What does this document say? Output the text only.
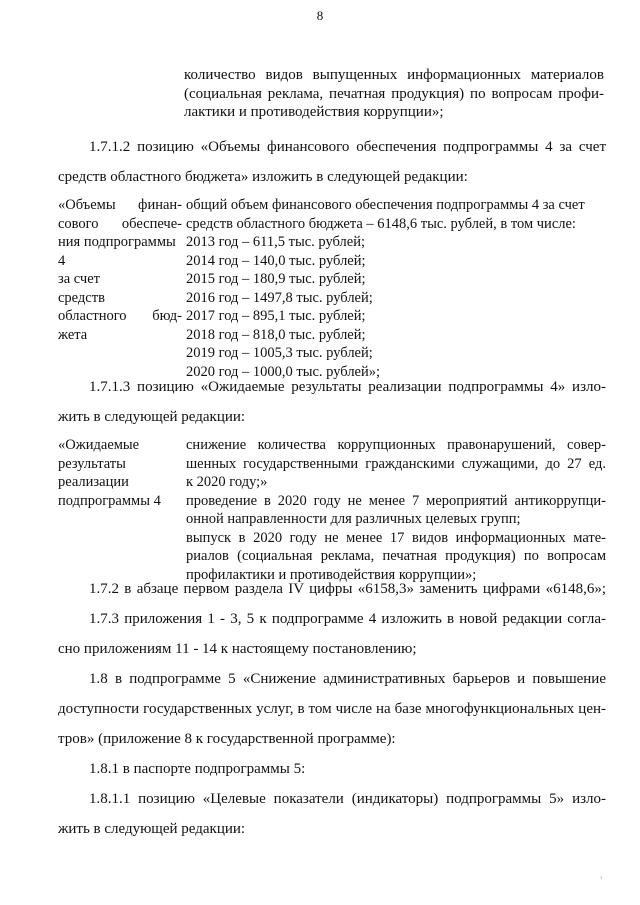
8
количество видов выпущенных информационных материалов
(социальная реклама, печатная продукция) по вопросам профи-
лактики и противодействия коррупции»;
1.7.1.2 позицию «Объемы финансового обеспечения подпрограммы 4 за счет
средств областного бюджета» изложить в следующей редакции:
«Объемы финан-
сового обеспече-
ния подпрограммы
4
за счет
средств
областного бюд-
жета
общий объем финансового обеспечения подпрограммы 4 за счет
средств областного бюджета – 6148,6 тыс. рублей, в том числе:
2013 год – 611,5 тыс. рублей;
2014 год – 140,0 тыс. рублей;
2015 год – 180,9 тыс. рублей;
2016 год – 1497,8 тыс. рублей;
2017 год – 895,1 тыс. рублей;
2018 год – 818,0 тыс. рублей;
2019 год – 1005,3 тыс. рублей;
2020 год – 1000,0 тыс. рублей»;
1.7.1.3 позицию «Ожидаемые результаты реализации подпрограммы 4» изло-
жить в следующей редакции:
«Ожидаемые
результаты
реализации
подпрограммы 4
снижение количества коррупционных правонарушений, совер-
шенных государственными гражданскими служащими, до 27 ед.
к 2020 году;»
проведение в 2020 году не менее 7 мероприятий антикоррупци-
онной направленности для различных целевых групп;
выпуск в 2020 году не менее 17 видов информационных мате-
риалов (социальная реклама, печатная продукция) по вопросам
профилактики и противодействия коррупции»;
1.7.2 в абзаце первом раздела IV цифры «6158,3» заменить цифрами «6148,6»;
1.7.3 приложения 1 - 3, 5 к подпрограмме 4 изложить в новой редакции согла-
сно приложениям 11 - 14 к настоящему постановлению;
1.8 в подпрограмме 5 «Снижение административных барьеров и повышение
доступности государственных услуг, в том числе на базе многофункциональных цен-
тров» (приложение 8 к государственной программе):
1.8.1 в паспорте подпрограммы 5:
1.8.1.1 позицию «Целевые показатели (индикаторы) подпрограммы 5» изло-
жить в следующей редакции:
'
